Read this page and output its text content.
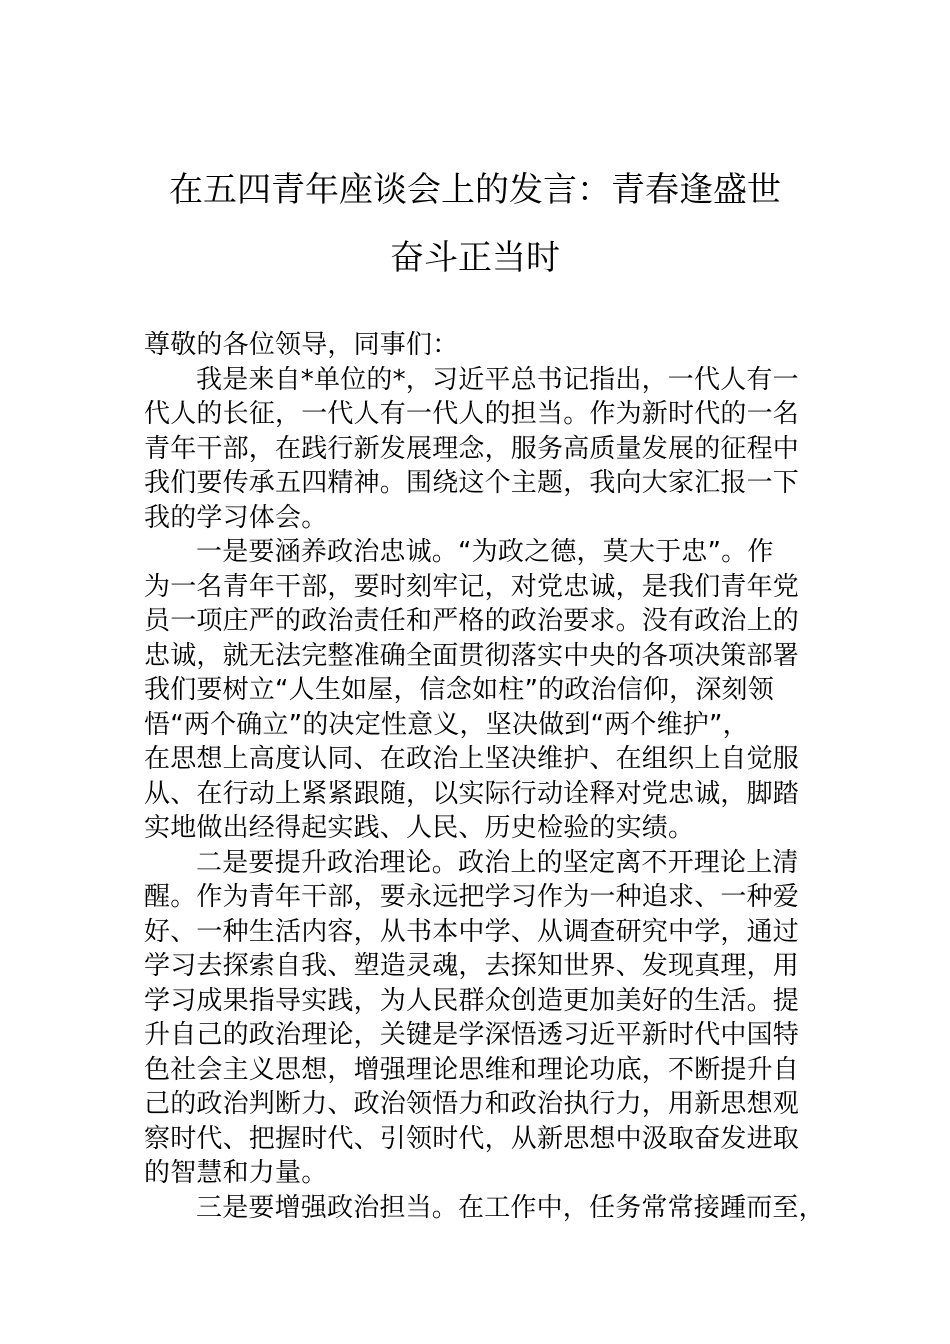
在五四青年座谈会上的发言：青春逢盛世
奋斗正当时
尊敬的各位领导，同事们：
我是来自*单位的*，习近平总书记指出，一代人有一
代人的长征，一代人有一代人的担当。作为新时代的一名
青年干部，在践行新发展理念，服务高质量发展的征程中
我们要传承五四精神。围绕这个主题，我向大家汇报一下
我的学习体会。
一是要涵养政治忠诚。“为政之德，莫大于忠”。作
为一名青年干部，要时刻牢记，对党忠诚，是我们青年党
员一项庄严的政治责任和严格的政治要求。没有政治上的
忠诚，就无法完整准确全面贯彻落实中央的各项决策部署
我们要树立“人生如屋，信念如柱”的政治信仰，深刻领
悟“两个确立”的决定性意义，坚决做到“两个维护”，
在思想上高度认同、在政治上坚决维护、在组织上自觉服
从、在行动上紧紧跟随，以实际行动诠释对党忠诚，脚踏
实地做出经得起实践、人民、历史检验的实绩。
二是要提升政治理论。政治上的坚定离不开理论上清
醒。作为青年干部，要永远把学习作为一种追求、一种爱
好、一种生活内容，从书本中学、从调查研究中学，通过
学习去探索自我、塑造灵魂，去探知世界、发现真理，用
学习成果指导实践，为人民群众创造更加美好的生活。提
升自己的政治理论，关键是学深悟透习近平新时代中国特
色社会主义思想，增强理论思维和理论功底，不断提升自
己的政治判断力、政治领悟力和政治执行力，用新思想观
察时代、把握时代、引领时代，从新思想中汲取奋发进取
的智慧和力量。
三是要增强政治担当。在工作中，任务常常接踵而至，
